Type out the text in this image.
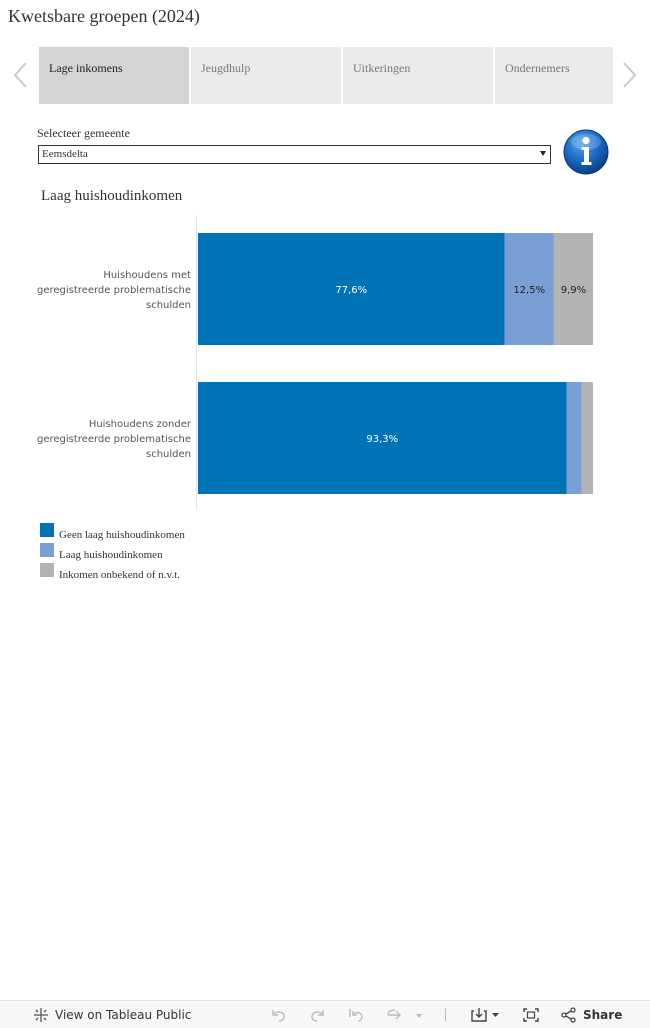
Kwetsbare groepen (2024)
Lage inkomens	Jeugdhulp	Uitkeringen	Ondernemers
Selecteer gemeente
Eemsdelta
Laag huishoudinkomen
77,6%	12,5% 9,9%
Huishoudens met
geregistreerde problematische
schulden
93,3%
Huishoudens zonder
geregistreerde problematische
schulden
Geen laag huishoudinkomen
Laag huishoudinkomen
Inkomen onbekend of n.v.t.
View on Tableau Public	Share
